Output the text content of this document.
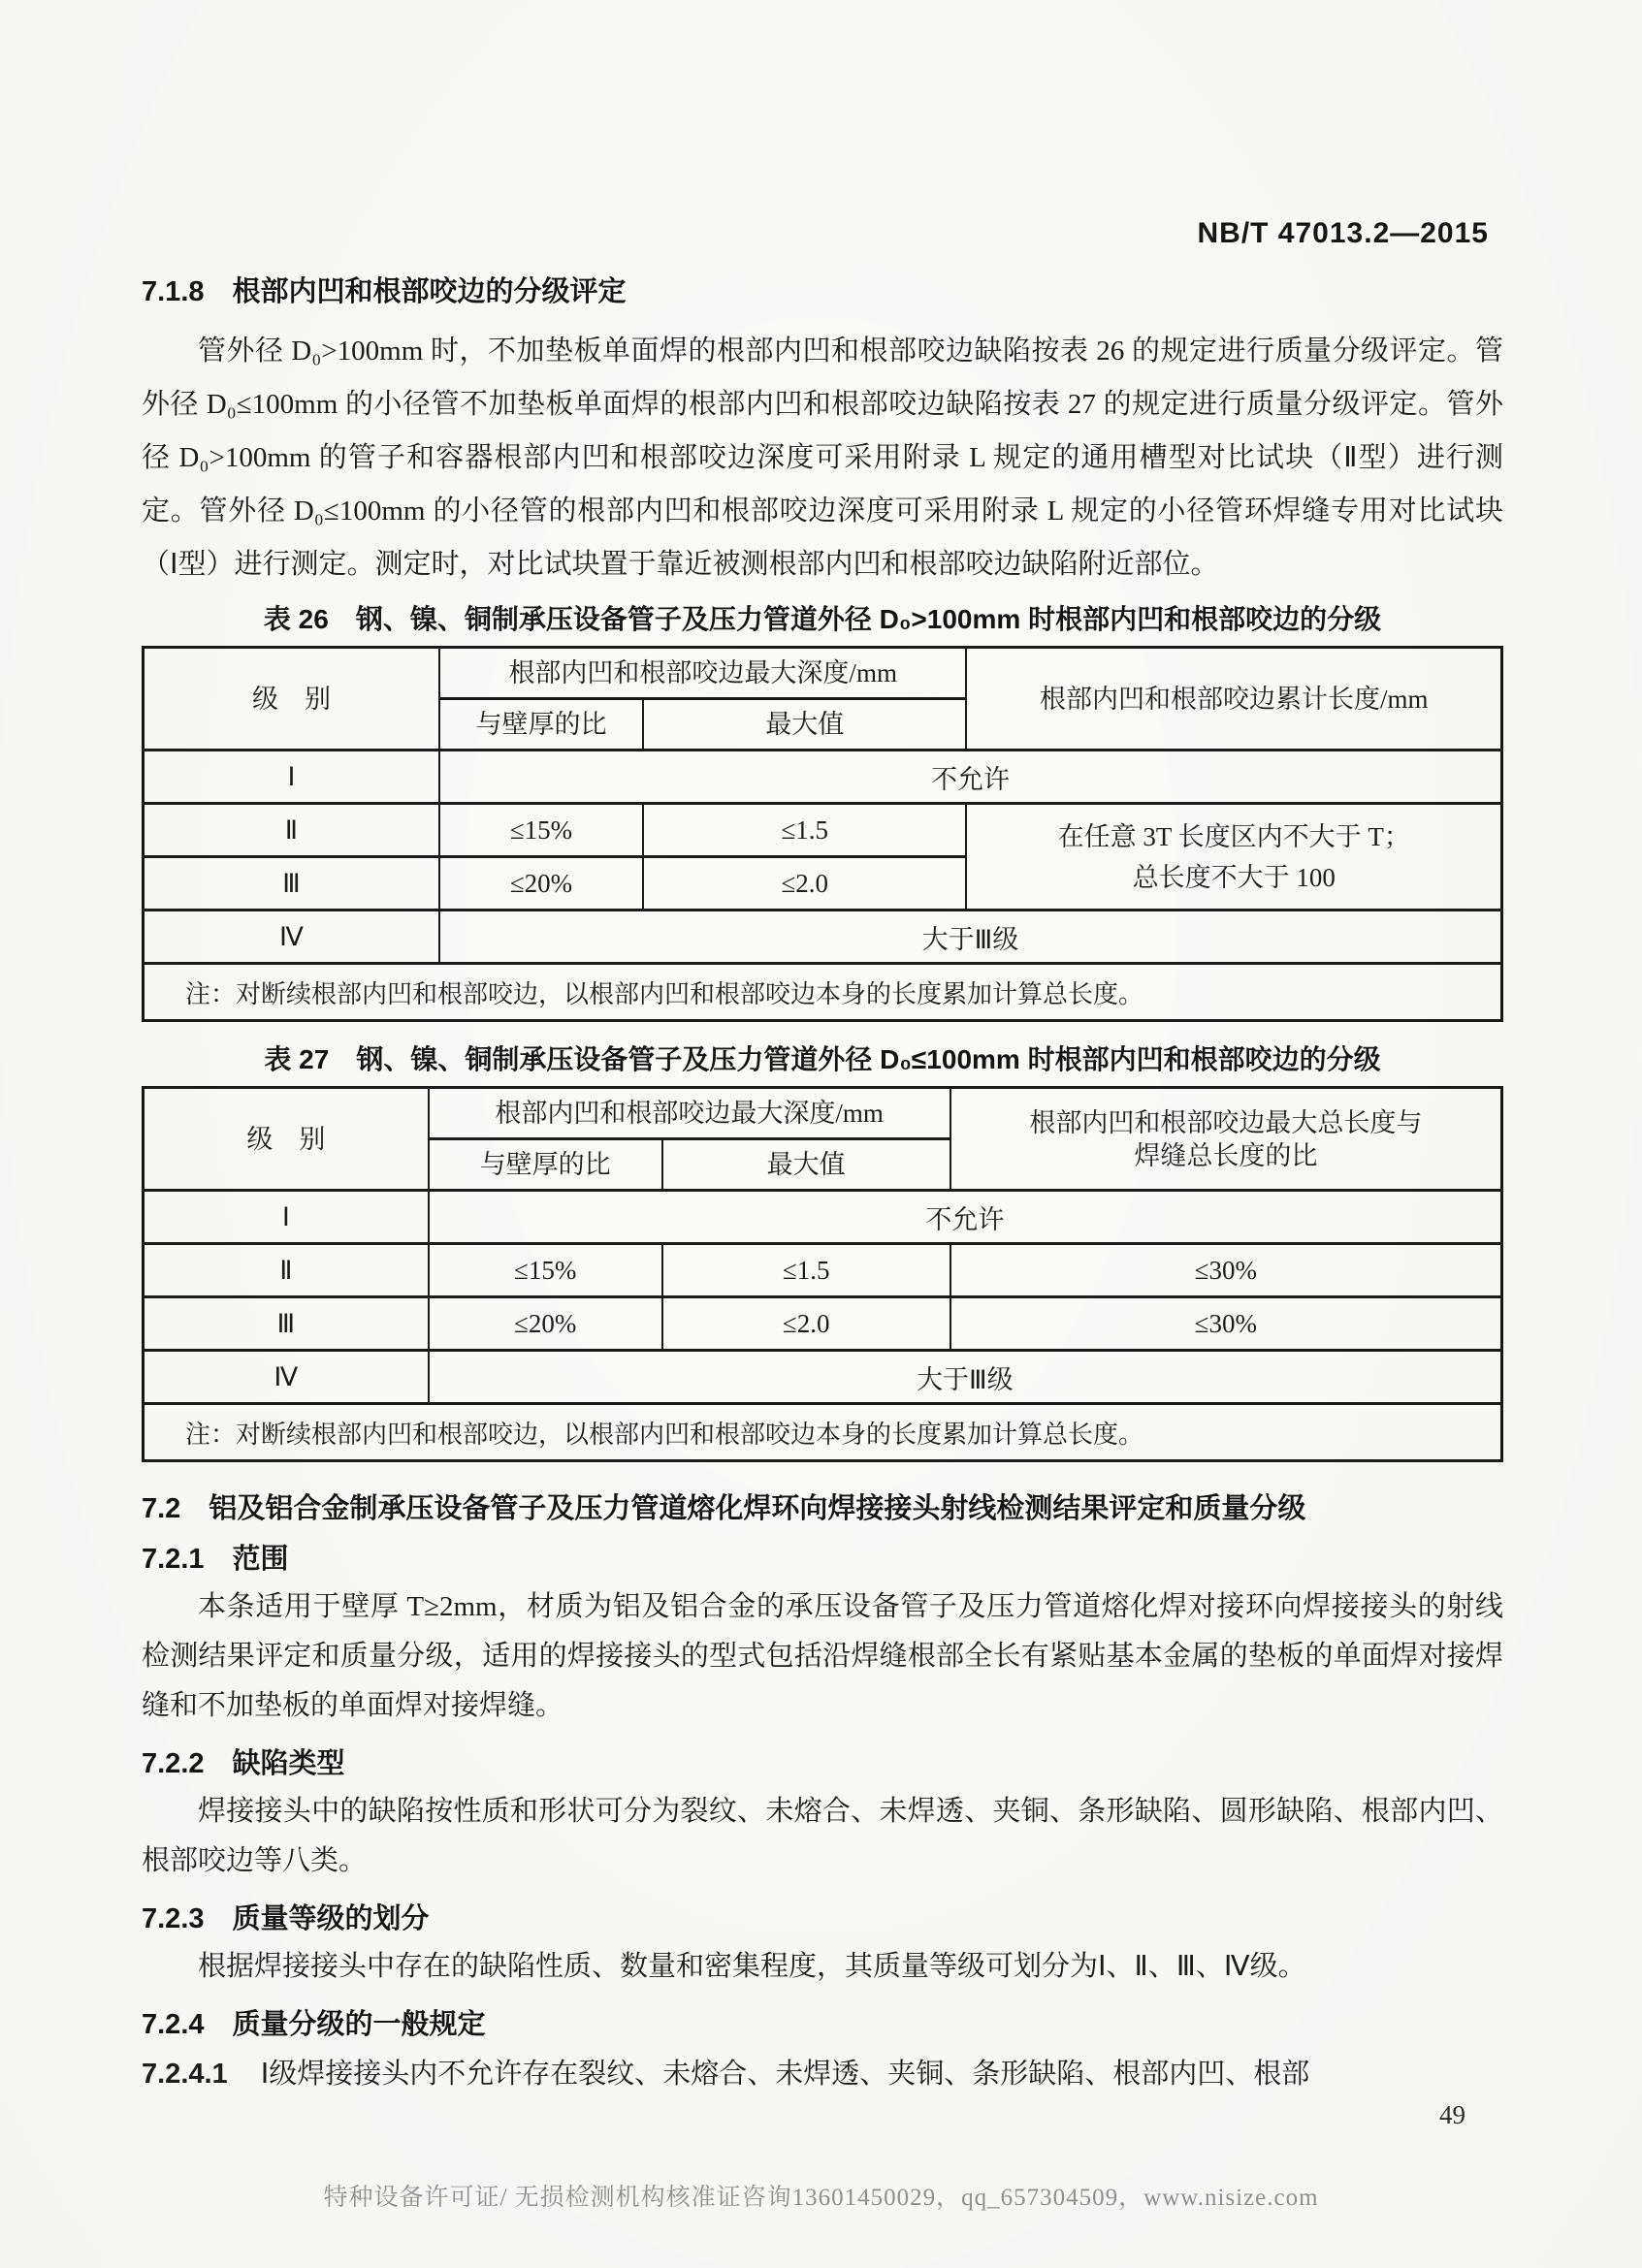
NB/T 47013.2—2015
7.1.8　根部内凹和根部咬边的分级评定

管外径 D₀>100mm 时，不加垫板单面焊的根部内凹和根部咬边缺陷按表 26 的规定进行质量分级评定。管外径 D₀≤100mm 的小径管不加垫板单面焊的根部内凹和根部咬边缺陷按表 27 的规定进行质量分级评定。管外径 D₀>100mm 的管子和容器根部内凹和根部咬边深度可采用附录 L 规定的通用槽型对比试块（Ⅱ型）进行测定。管外径 D₀≤100mm 的小径管的根部内凹和根部咬边深度可采用附录 L 规定的小径管环焊缝专用对比试块（Ⅰ型）进行测定。测定时，对比试块置于靠近被测根部内凹和根部咬边缺陷附近部位。

表 26　钢、镍、铜制承压设备管子及压力管道外径 D₀>100mm 时根部内凹和根部咬边的分级
级　别	根部内凹和根部咬边最大深度/mm		根部内凹和根部咬边累计长度/mm
	与壁厚的比	最大值	
Ⅰ	不允许		
Ⅱ	≤15%	≤1.5	在任意 3T 长度区内不大于 T；
总长度不大于 100

Ⅲ	≤20%	≤2.0	
Ⅳ	大于Ⅲ级		
注：对断续根部内凹和根部咬边，以根部内凹和根部咬边本身的长度累加计算总长度。			
表 27　钢、镍、铜制承压设备管子及压力管道外径 D₀≤100mm 时根部内凹和根部咬边的分级
级　别	根部内凹和根部咬边最大深度/mm		根部内凹和根部咬边最大总长度与
焊缝总长度的比

	与壁厚的比	最大值	
Ⅰ	不允许		
Ⅱ	≤15%	≤1.5	≤30%
Ⅲ	≤20%	≤2.0	≤30%
Ⅳ	大于Ⅲ级		
注：对断续根部内凹和根部咬边，以根部内凹和根部咬边本身的长度累加计算总长度。			
7.2　铝及铝合金制承压设备管子及压力管道熔化焊环向焊接接头射线检测结果评定和质量分级
7.2.1　范围

本条适用于壁厚 T≥2mm，材质为铝及铝合金的承压设备管子及压力管道熔化焊对接环向焊接接头的射线检测结果评定和质量分级，适用的焊接接头的型式包括沿焊缝根部全长有紧贴基本金属的垫板的单面焊对接焊缝和不加垫板的单面焊对接焊缝。

7.2.2　缺陷类型

焊接接头中的缺陷按性质和形状可分为裂纹、未熔合、未焊透、夹铜、条形缺陷、圆形缺陷、根部内凹、根部咬边等八类。

7.2.3　质量等级的划分

根据焊接接头中存在的缺陷性质、数量和密集程度，其质量等级可划分为Ⅰ、Ⅱ、Ⅲ、Ⅳ级。

7.2.4　质量分级的一般规定
7.2.4.1 Ⅰ级焊接接头内不允许存在裂纹、未熔合、未焊透、夹铜、条形缺陷、根部内凹、根部
49
特种设备许可证/ 无损检测机构核准证咨询13601450029，qq_657304509，www.nisize.com
